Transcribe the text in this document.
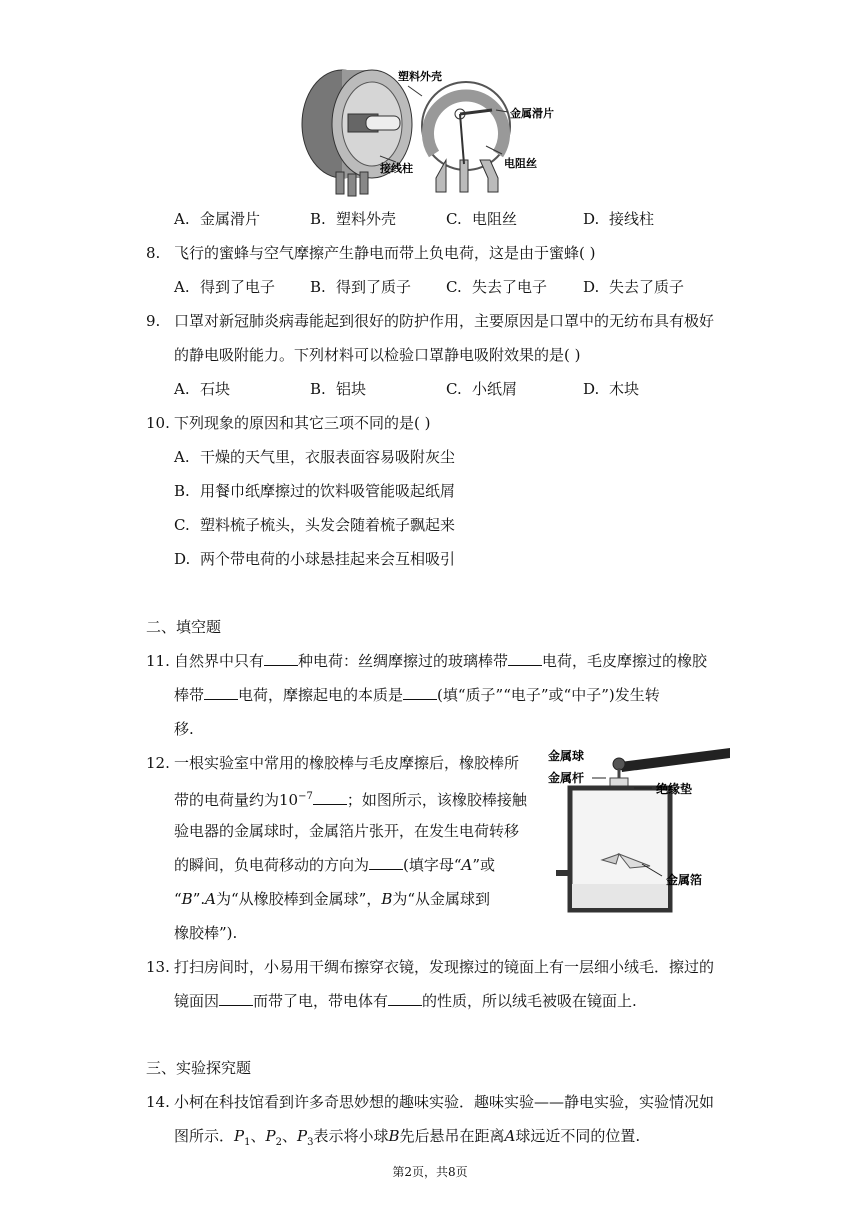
塑料外壳
金属滑片
接线柱	电阻丝
A. 金属滑片	B. 塑料外壳	C. 电阻丝	D. 接线柱
8. 飞行的蜜蜂与空气摩擦产生静电而带上负电荷，这是由于蜜蜂( )
A. 得到了电子 B. 得到了质子 C. 失去了电子 D. 失去了质子
9. 口罩对新冠肺炎病毒能起到很好的防护作用，主要原因是口罩中的无纺布具有极好
的静电吸附能力。下列材料可以检验口罩静电吸附效果的是( )
A. 石块	B. 铝块	C. 小纸屑	D. 木块
10. 下列现象的原因和其它三项不同的是( )
A. 干燥的天气里，衣服表面容易吸附灰尘
B. 用餐巾纸摩擦过的饮料吸管能吸起纸屑
C. 塑料梳子梳头，头发会随着梳子飘起来
D. 两个带电荷的小球悬挂起来会互相吸引
二、填空题
11. 自然界中只有 种电荷：丝绸摩擦过的玻璃棒带 电荷，毛皮摩擦过的橡胶
棒带 电荷，摩擦起电的本质是 (填“质子”“电子”或“中子”)发生转
移.
12. 一根实验室中常用的橡胶棒与毛皮摩擦后，橡胶棒所
带的电荷量约为$10^{-7}$ ；如图所示，该橡胶棒接触
验电器的金属球时，金属箔片张开，在发生电荷转移
的瞬间，负电荷移动的方向为 (填字母“A”或
“B”.A为“从橡胶棒到金属球”，B为“从金属球到
橡胶棒”).
金属球
金属杆
绝缘垫
金属箔
13. 打扫房间时，小易用干绸布擦穿衣镜，发现擦过的镜面上有一层细小绒毛．擦过的
镜面因 而带了电，带电体有 的性质，所以绒毛被吸在镜面上.
三、实验探究题
14. 小柯在科技馆看到许多奇思妙想的趣味实验．趣味实验——静电实验，实验情况如
图所示．$P_1$、$P_2$、$P_3$表示将小球B先后悬吊在距离A球远近不同的位置.
第2页，共8页
